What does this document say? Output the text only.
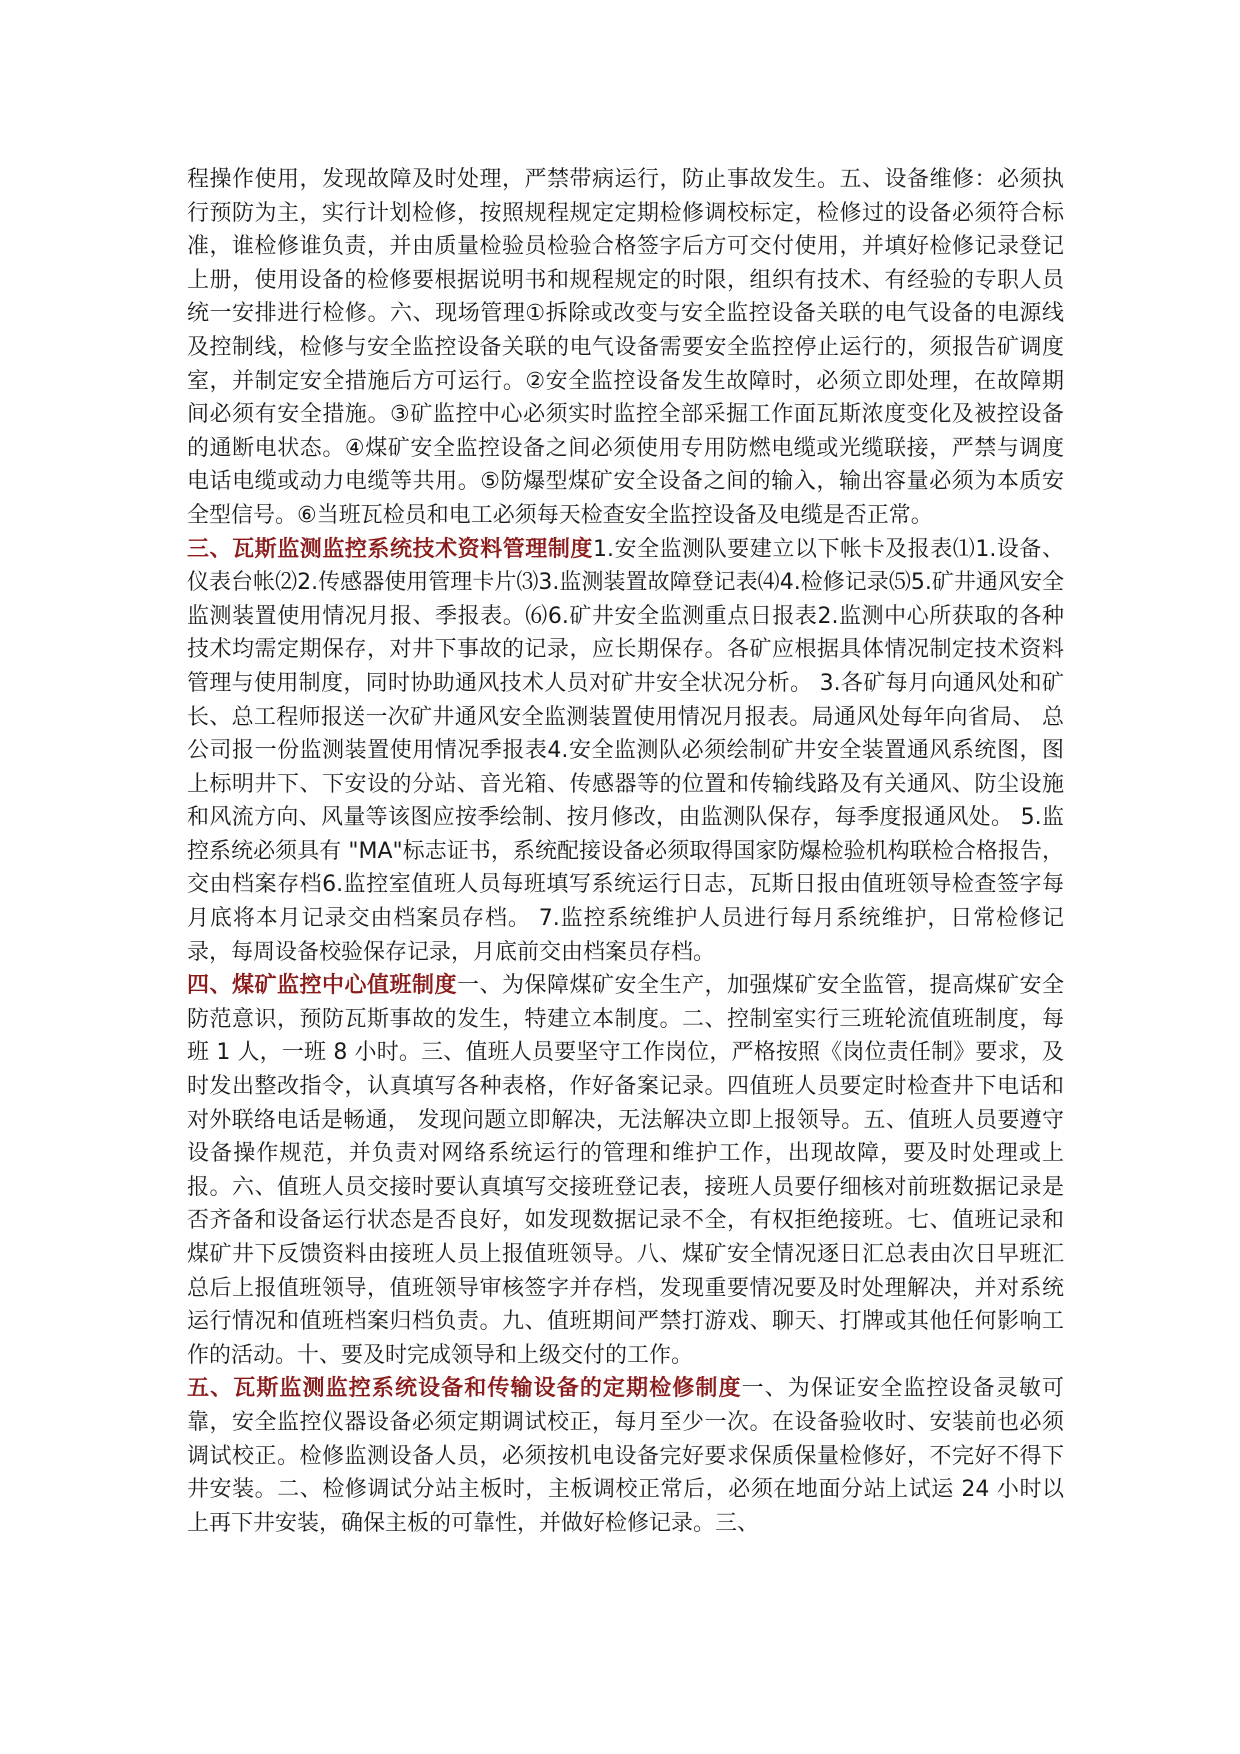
程操作使用，发现故障及时处理，严禁带病运行，防止事故发生。五、设备维修：必须执行预防为主，实行计划检修，按照规程规定定期检修调校标定，检修过的设备必须符合标准，谁检修谁负责，并由质量检验员检验合格签字后方可交付使用，并填好检修记录登记上册，使用设备的检修要根据说明书和规程规定的时限，组织有技术、有经验的专职人员统一安排进行检修。六、现场管理①拆除或改变与安全监控设备关联的电气设备的电源线及控制线，检修与安全监控设备关联的电气设备需要安全监控停止运行的，须报告矿调度室，并制定安全措施后方可运行。②安全监控设备发生故障时，必须立即处理，在故障期间必须有安全措施。③矿监控中心必须实时监控全部采掘工作面瓦斯浓度变化及被控设备的通断电状态。④煤矿安全监控设备之间必须使用专用防燃电缆或光缆联接，严禁与调度电话电缆或动力电缆等共用。⑤防爆型煤矿安全设备之间的输入，输出容量必须为本质安全型信号。⑥当班瓦检员和电工必须每天检查安全监控设备及电缆是否正常。

三、瓦斯监测监控系统技术资料管理制度1.安全监测队要建立以下帐卡及报表⑴1.设备、仪表台帐⑵2.传感器使用管理卡片⑶3.监测装置故障登记表⑷4.检修记录⑸5.矿井通风安全监测装置使用情况月报、季报表。⑹6.矿井安全监测重点日报表2.监测中心所获取的各种技术均需定期保存，对井下事故的记录，应长期保存。各矿应根据具体情况制定技术资料管理与使用制度，同时协助通风技术人员对矿井安全状况分析。 3.各矿每月向通风处和矿长、总工程师报送一次矿井通风安全监测装置使用情况月报表。局通风处每年向省局、 总公司报一份监测装置使用情况季报表4.安全监测队必须绘制矿井安全装置通风系统图，图上标明井下、下安设的分站、音光箱、传感器等的位置和传输线路及有关通风、防尘设施和风流方向、风量等该图应按季绘制、按月修改，由监测队保存，每季度报通风处。 5.监控系统必须具有 "MA"标志证书，系统配接设备必须取得国家防爆检验机构联检合格报告，交由档案存档6.监控室值班人员每班填写系统运行日志，瓦斯日报由值班领导检查签字每月底将本月记录交由档案员存档。 7.监控系统维护人员进行每月系统维护，日常检修记录，每周设备校验保存记录，月底前交由档案员存档。

四、煤矿监控中心值班制度一、为保障煤矿安全生产，加强煤矿安全监管，提高煤矿安全防范意识，预防瓦斯事故的发生，特建立本制度。二、控制室实行三班轮流值班制度，每班 1 人，一班 8 小时。三、值班人员要坚守工作岗位，严格按照《岗位责任制》要求，及时发出整改指令，认真填写各种表格，作好备案记录。四值班人员要定时检查井下电话和对外联络电话是畅通， 发现问题立即解决，无法解决立即上报领导。五、值班人员要遵守设备操作规范，并负责对网络系统运行的管理和维护工作，出现故障，要及时处理或上报。六、值班人员交接时要认真填写交接班登记表，接班人员要仔细核对前班数据记录是否齐备和设备运行状态是否良好，如发现数据记录不全，有权拒绝接班。七、值班记录和煤矿井下反馈资料由接班人员上报值班领导。八、煤矿安全情况逐日汇总表由次日早班汇总后上报值班领导，值班领导审核签字并存档，发现重要情况要及时处理解决，并对系统运行情况和值班档案归档负责。九、值班期间严禁打游戏、聊天、打牌或其他任何影响工作的活动。十、要及时完成领导和上级交付的工作。

五、瓦斯监测监控系统设备和传输设备的定期检修制度一、为保证安全监控设备灵敏可靠，安全监控仪器设备必须定期调试校正，每月至少一次。在设备验收时、安装前也必须调试校正。检修监测设备人员，必须按机电设备完好要求保质保量检修好，不完好不得下井安装。二、检修调试分站主板时，主板调校正常后，必须在地面分站上试运 24 小时以上再下井安装，确保主板的可靠性，并做好检修记录。三、
